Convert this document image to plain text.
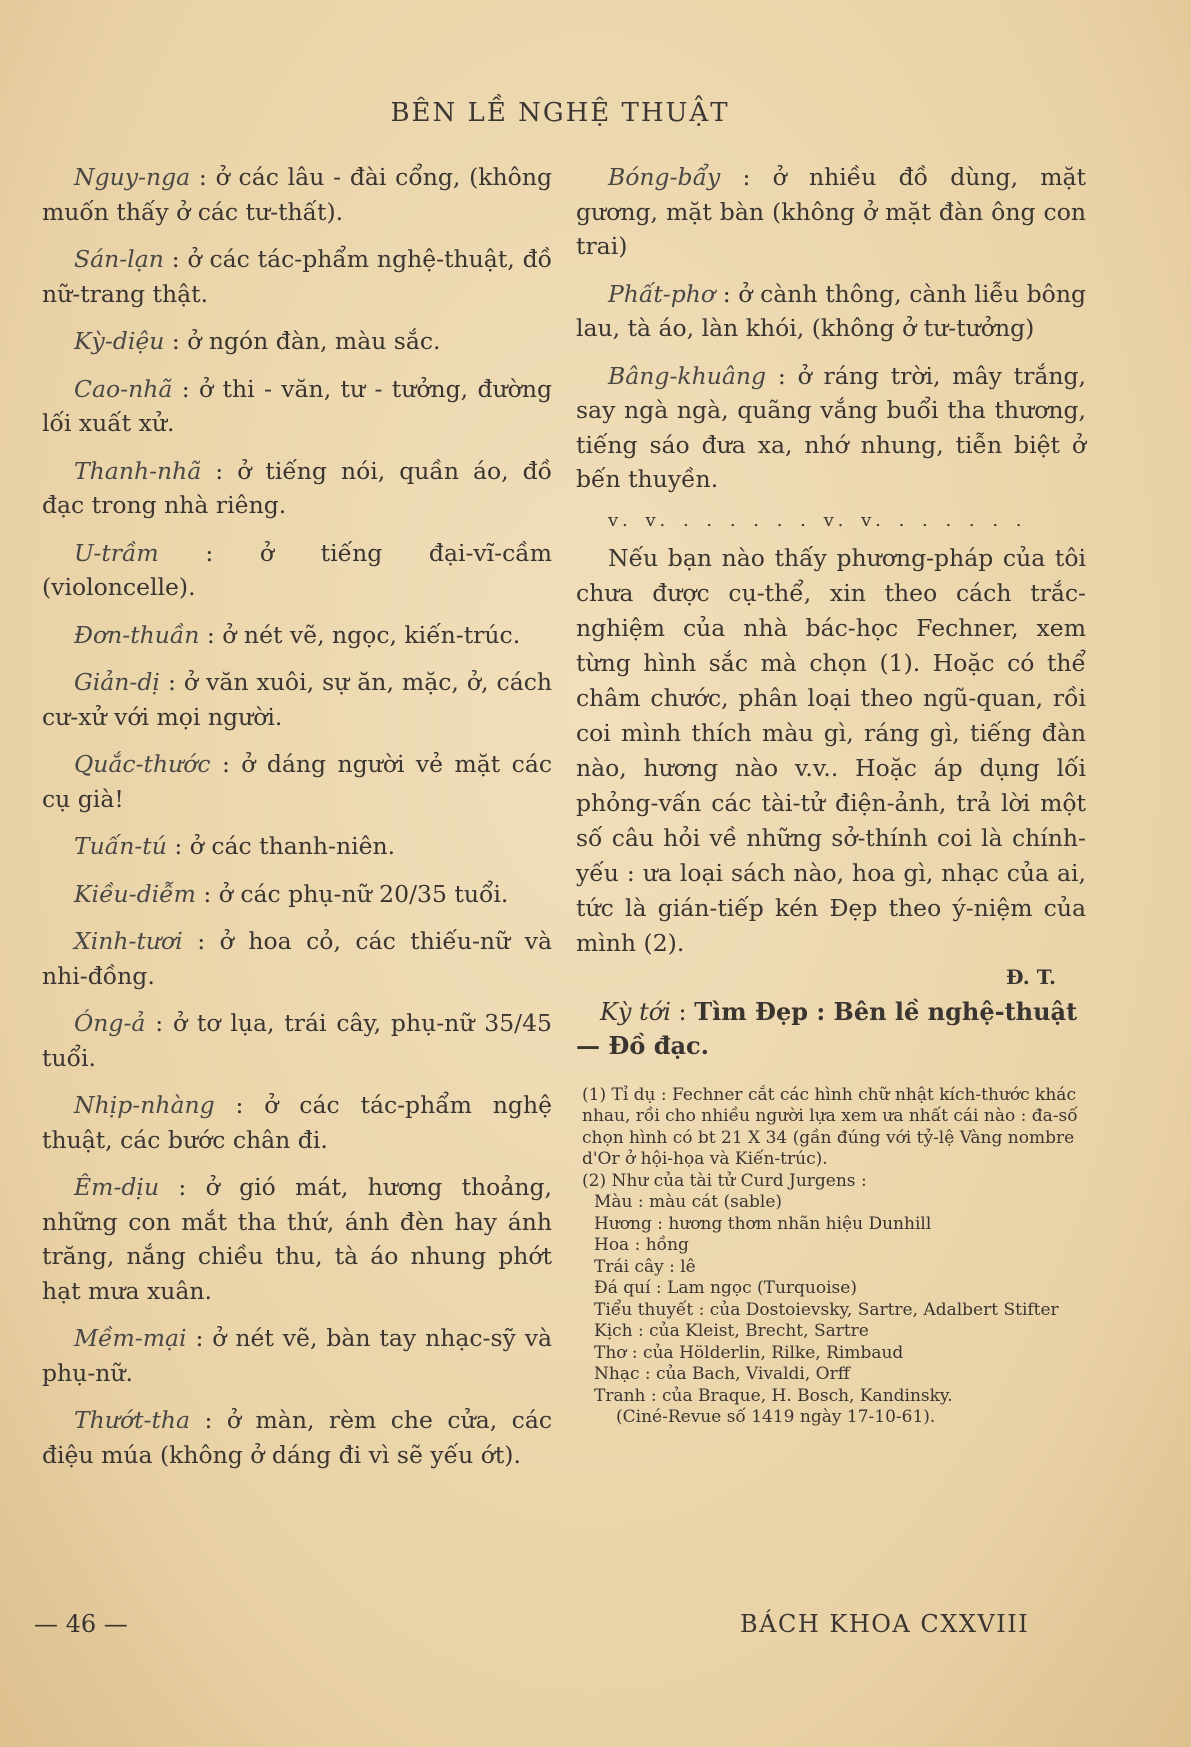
BÊN LỀ NGHỆ THUẬT
Nguy-nga : ở các lâu - đài cổng, (không muốn thấy ở các tư-thất).
Sán-lạn : ở các tác-phẩm nghệ-thuật, đồ nữ-trang thật.
Kỳ-diệu : ở ngón đàn, màu sắc.
Cao-nhã : ở thi - văn, tư - tưởng, đường lối xuất xử.
Thanh-nhã : ở tiếng nói, quần áo, đồ đạc trong nhà riêng.
U-trầm : ở tiếng đại-vĩ-cầm (violoncelle).
Đơn-thuần : ở nét vẽ, ngọc, kiến-trúc.
Giản-dị : ở văn xuôi, sự ăn, mặc, ở, cách cư-xử với mọi người.
Quắc-thước : ở dáng người vẻ mặt các cụ già!
Tuấn-tú : ở các thanh-niên.
Kiều-diễm : ở các phụ-nữ 20/35 tuổi.
Xinh-tươi : ở hoa cỏ, các thiếu-nữ và nhi-đồng.
Óng-ả : ở tơ lụa, trái cây, phụ-nữ 35/45 tuổi.
Nhịp-nhàng : ở các tác-phẩm nghệ thuật, các bước chân đi.
Êm-dịu : ở gió mát, hương thoảng, những con mắt tha thứ, ánh đèn hay ánh trăng, nắng chiều thu, tà áo nhung phớt hạt mưa xuân.
Mềm-mại : ở nét vẽ, bàn tay nhạc-sỹ và phụ-nữ.
Thướt-tha : ở màn, rèm che cửa, các điệu múa (không ở dáng đi vì sẽ yếu ớt).
Bóng-bẩy : ở nhiều đồ dùng, mặt gương, mặt bàn (không ở mặt đàn ông con trai)
Phất-phơ : ở cành thông, cành liễu bông lau, tà áo, làn khói, (không ở tư-tưởng)
Bâng-khuâng : ở ráng trời, mây trắng, say ngà ngà, quãng vắng buổi tha thương, tiếng sáo đưa xa, nhớ nhung, tiễn biệt ở bến thuyền.
v. v. . . . . . . v. v. . . . . . .

Nếu bạn nào thấy phương-pháp của tôi chưa được cụ-thể, xin theo cách trắc-nghiệm của nhà bác-học Fechner, xem từng hình sắc mà chọn (1). Hoặc có thể châm chước, phân loại theo ngũ-quan, rồi coi mình thích màu gì, ráng gì, tiếng đàn nào, hương nào v.v.. Hoặc áp dụng lối phỏng-vấn các tài-tử điện-ảnh, trả lời một số câu hỏi về những sở-thính coi là chính-yếu : ưa loại sách nào, hoa gì, nhạc của ai, tức là gián-tiếp kén Đẹp theo ý-niệm của mình (2).

Đ. T.
Kỳ tới : Tìm Đẹp : Bên lề nghệ-thuật — Đồ đạc.

(1) Tỉ dụ : Fechner cắt các hình chữ nhật kích-thước khác nhau, rồi cho nhiều người lựa xem ưa nhất cái nào : đa-số chọn hình có bt 21 X 34 (gần đúng với tỷ-lệ Vàng nombre d'Or ở hội-họa và Kiến-trúc).

(2) Như của tài tử Curd Jurgens :

Màu : màu cát (sable)

Hương : hương thơm nhãn hiệu Dunhill

Hoa : hồng

Trái cây : lê

Đá quí : Lam ngọc (Turquoise)

Tiểu thuyết : của Dostoievsky, Sartre, Adalbert Stifter

Kịch : của Kleist, Brecht, Sartre

Thơ : của Hölderlin, Rilke, Rimbaud

Nhạc : của Bach, Vivaldi, Orff

Tranh : của Braque, H. Bosch, Kandinsky.

(Ciné-Revue số 1419 ngày 17-10-61).

— 46 —	BÁCH KHOA CXXVIII
